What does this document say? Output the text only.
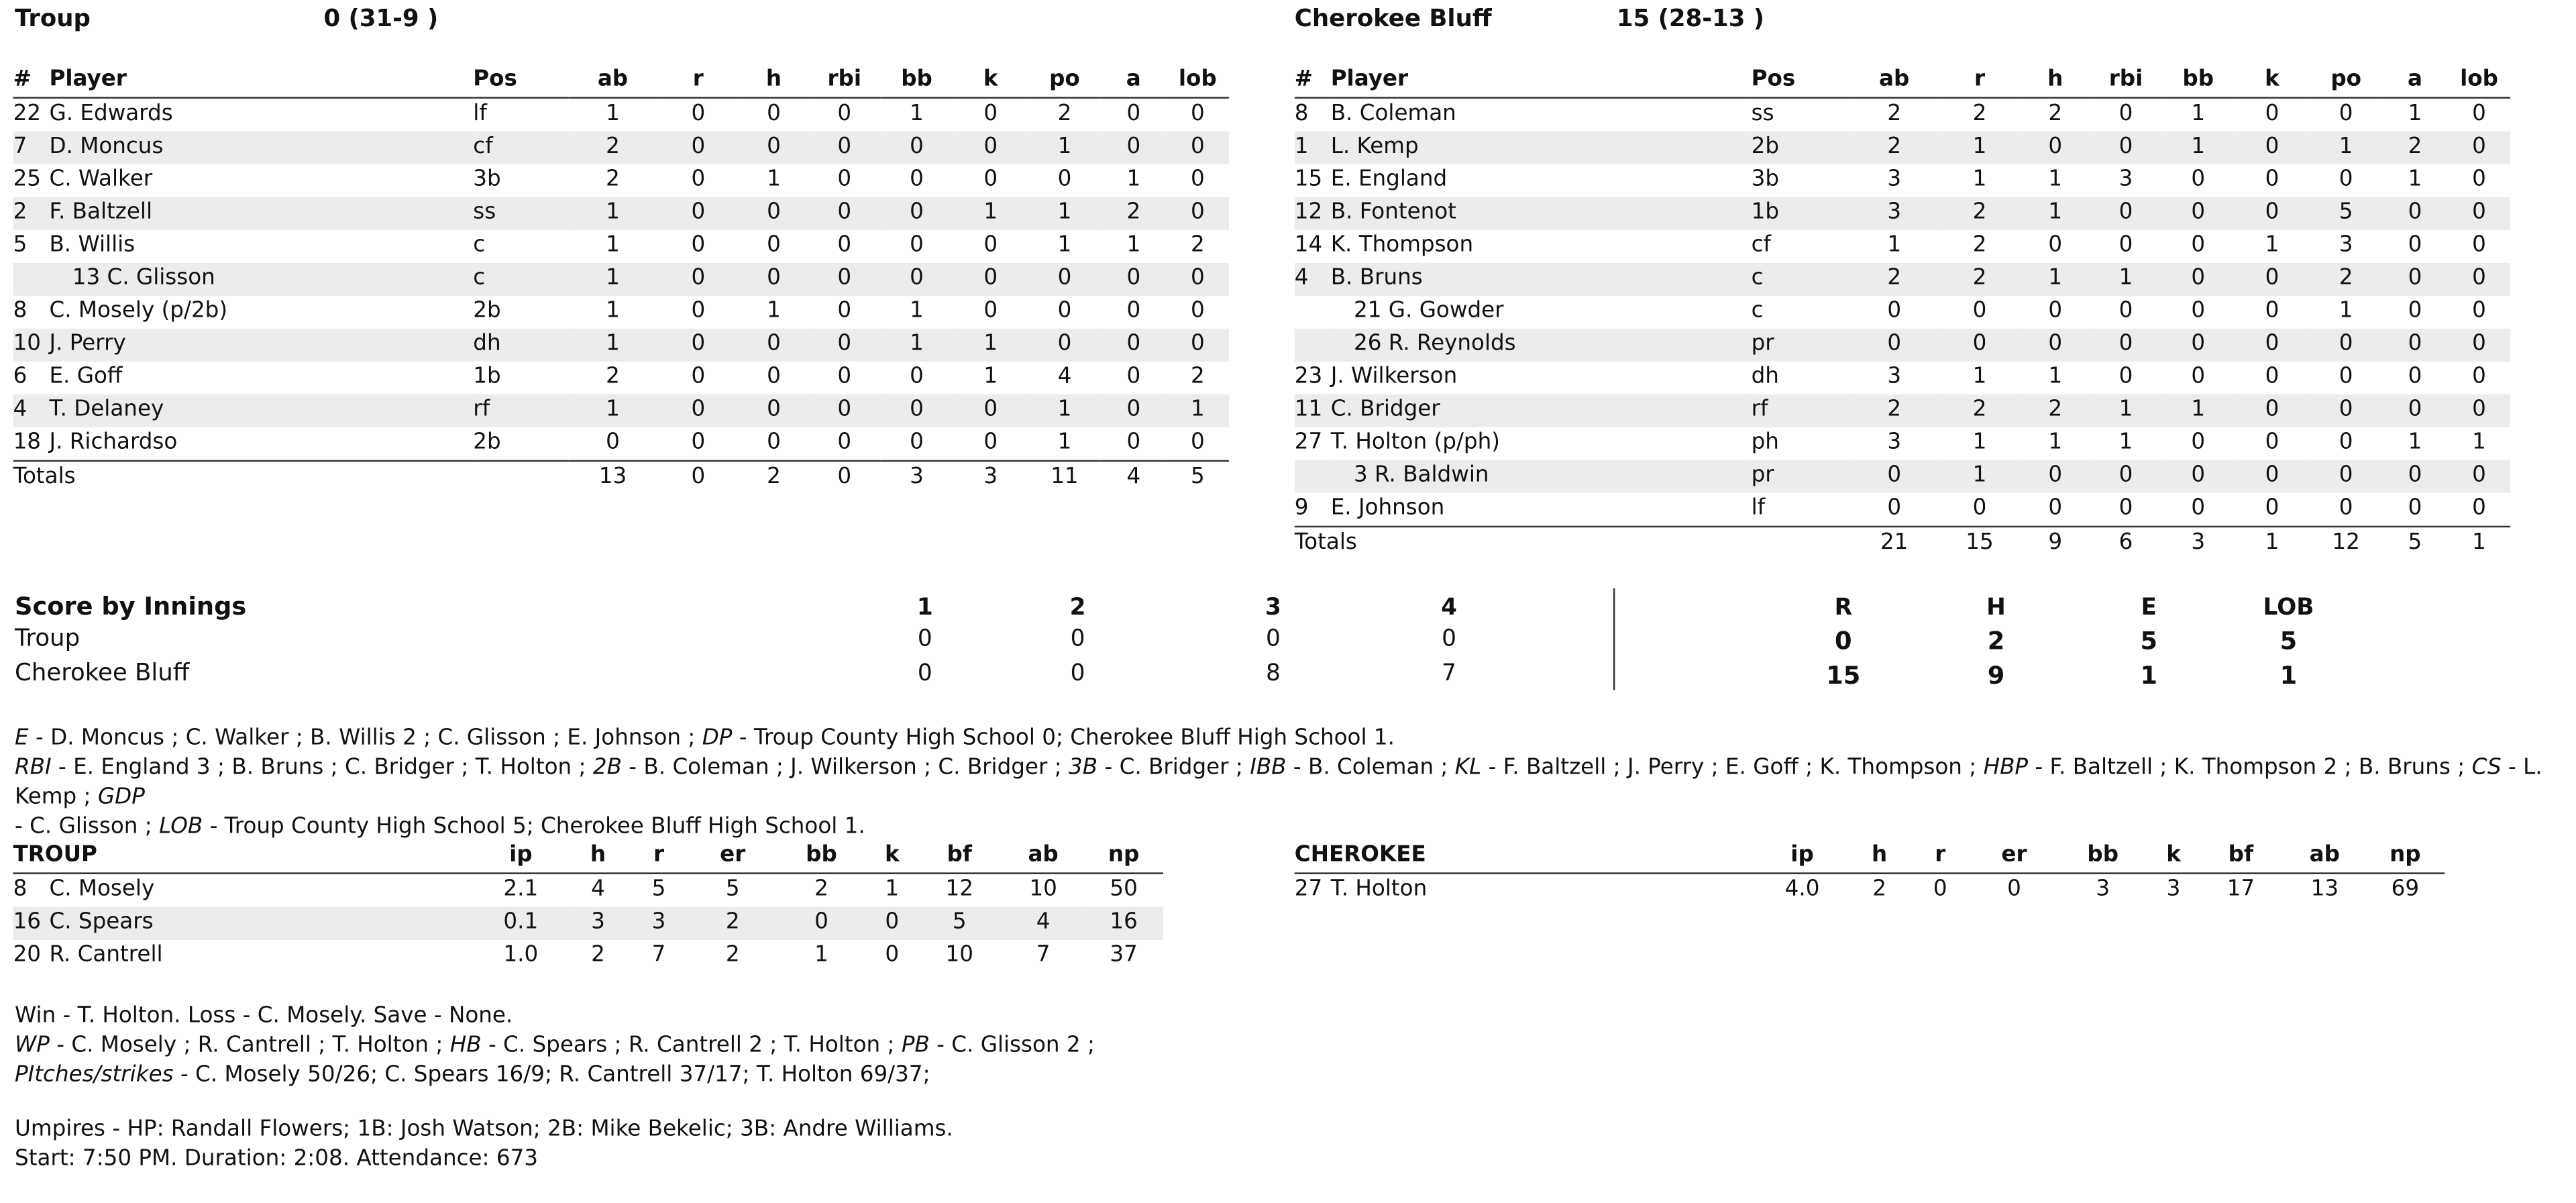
Troup	0 (31-9 )	Cherokee Bluff	15 (28-13 )
#	Player	Pos	ab	r	h	rbi	bb	k	po	a	lob
22	G. Edwards	lf	1	0	0	0	1	0	2	0	0
7	D. Moncus	cf	2	0	0	0	0	0	1	0	0
25	C. Walker	3b	2	0	1	0	0	0	0	1	0
2	F. Baltzell	ss	1	0	0	0	0	1	1	2	0
5	B. Willis	c	1	0	0	0	0	0	1	1	2
	13 C. Glisson	c	1	0	0	0	0	0	0	0	0
8	C. Mosely (p/2b)	2b	1	0	1	0	1	0	0	0	0
10	J. Perry	dh	1	0	0	0	1	1	0	0	0
6	E. Goff	1b	2	0	0	0	0	1	4	0	2
4	T. Delaney	rf	1	0	0	0	0	0	1	0	1
18	J. Richardso	2b	0	0	0	0	0	0	1	0	0
Totals			13	0	2	0	3	3	11	4	5
#	Player	Pos	ab	r	h	rbi	bb	k	po	a	lob
8	B. Coleman	ss	2	2	2	0	1	0	0	1	0
1	L. Kemp	2b	2	1	0	0	1	0	1	2	0
15	E. England	3b	3	1	1	3	0	0	0	1	0
12	B. Fontenot	1b	3	2	1	0	0	0	5	0	0
14	K. Thompson	cf	1	2	0	0	0	1	3	0	0
4	B. Bruns	c	2	2	1	1	0	0	2	0	0
	21 G. Gowder	c	0	0	0	0	0	0	1	0	0
	26 R. Reynolds	pr	0	0	0	0	0	0	0	0	0
23	J. Wilkerson	dh	3	1	1	0	0	0	0	0	0
11	C. Bridger	rf	2	2	2	1	1	0	0	0	0
27	T. Holton (p/ph)	ph	3	1	1	1	0	0	0	1	1
	3 R. Baldwin	pr	0	1	0	0	0	0	0	0	0
9	E. Johnson	lf	0	0	0	0	0	0	0	0	0
Totals			21	15	9	6	3	1	12	5	1
Score by Innings	1	2	3	4	R	H	E	LOB
Troup	0	0	0	0	0	2	5	5
Cherokee Bluff	0	0	8	7	15	9	1	1
E - D. Moncus ; C. Walker ; B. Willis 2 ; C. Glisson ; E. Johnson ; DP - Troup County High School 0; Cherokee Bluff High School 1.
RBI - E. England 3 ; B. Bruns ; C. Bridger ; T. Holton ; 2B - B. Coleman ; J. Wilkerson ; C. Bridger ; 3B - C. Bridger ; IBB - B. Coleman ; KL - F. Baltzell ; J. Perry ; E. Goff ; K. Thompson ; HBP - F. Baltzell ; K. Thompson 2 ; B. Bruns ; CS - L. Kemp ; GDP
- C. Glisson ; LOB - Troup County High School 5; Cherokee Bluff High School 1.
TROUP		ip	h	r	er	bb	k	bf	ab	np
8	C. Mosely	2.1	4	5	5	2	1	12	10	50
16	C. Spears	0.1	3	3	2	0	0	5	4	16
20	R. Cantrell	1.0	2	7	2	1	0	10	7	37
CHEROKEE		ip	h	r	er	bb	k	bf	ab	np
27	T. Holton	4.0	2	0	0	3	3	17	13	69
Win - T. Holton. Loss - C. Mosely. Save - None.
WP - C. Mosely ; R. Cantrell ; T. Holton ; HB - C. Spears ; R. Cantrell 2 ; T. Holton ; PB - C. Glisson 2 ;
PItches/strikes - C. Mosely 50/26; C. Spears 16/9; R. Cantrell 37/17; T. Holton 69/37;
Umpires - HP: Randall Flowers; 1B: Josh Watson; 2B: Mike Bekelic; 3B: Andre Williams.
Start: 7:50 PM. Duration: 2:08. Attendance: 673
